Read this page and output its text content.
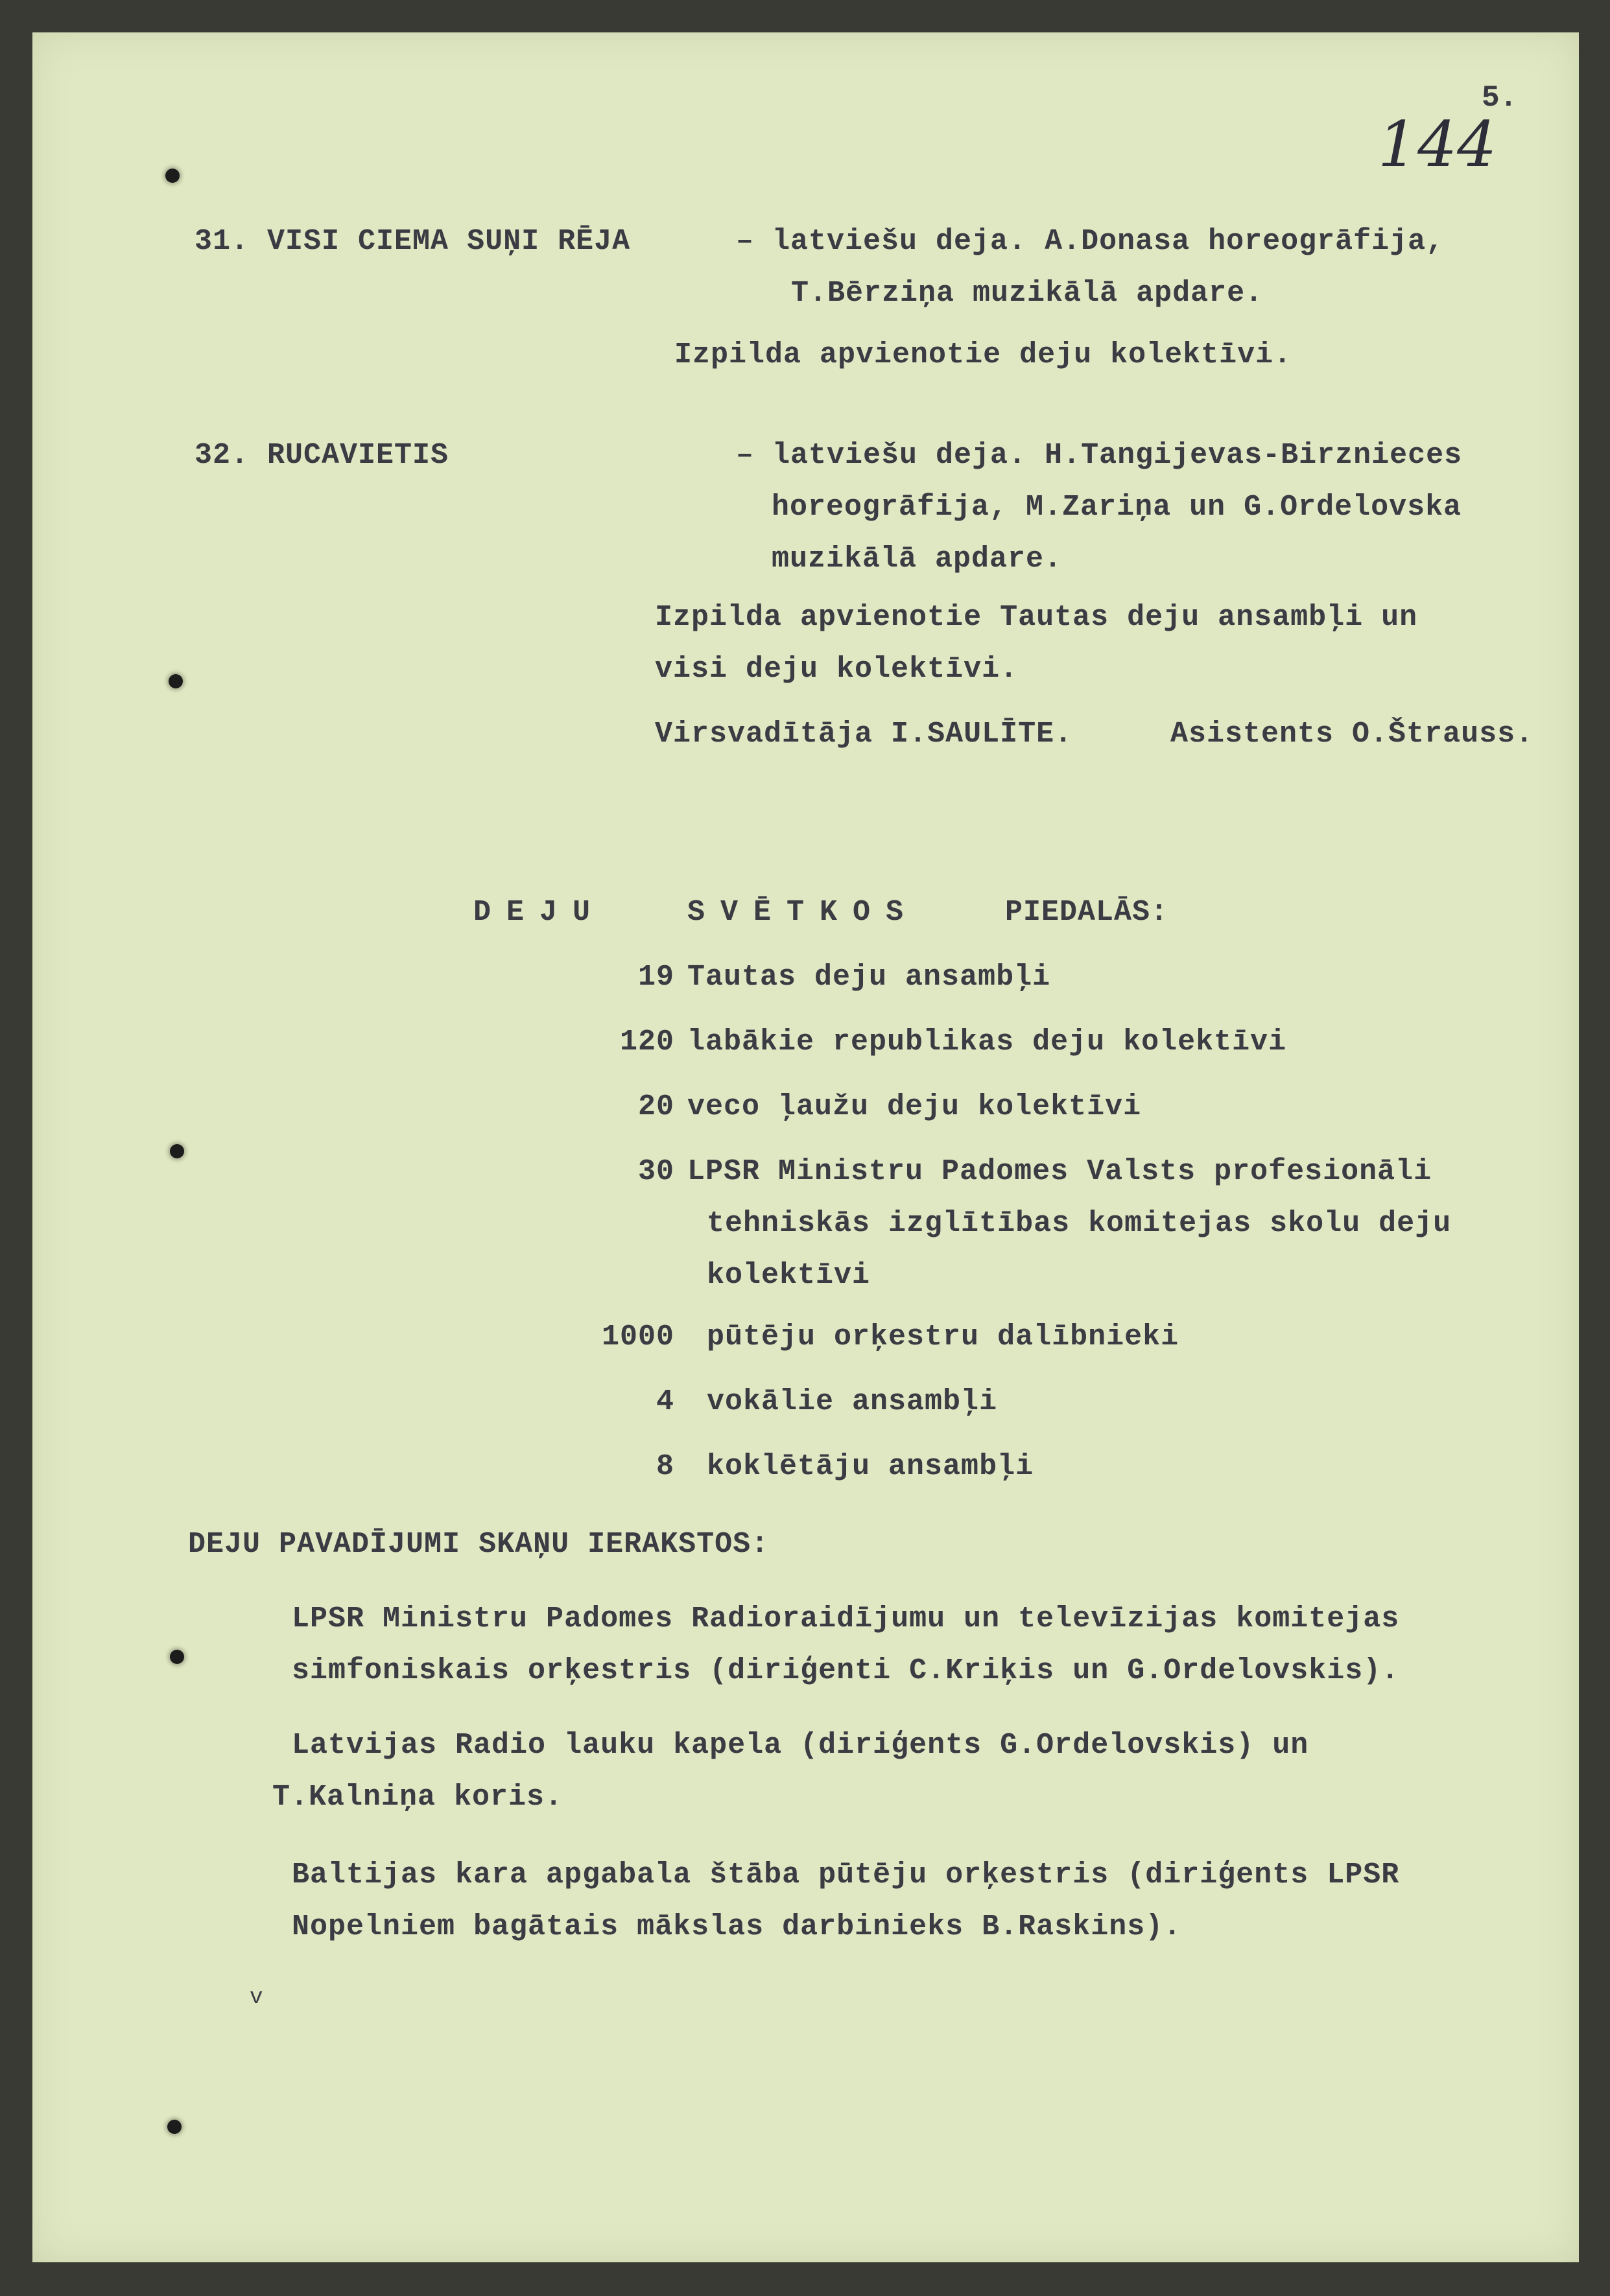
144
5.
31. VISI CIEMA SUŅI RĒJA	– latviešu deja. A.Donasa horeogrāfija,
T.Bērziņa muzikālā apdare.
Izpilda apvienotie deju kolektīvi.
32. RUCAVIETIS	– latviešu deja. H.Tangijevas-Birznieces
horeogrāfija, M.Zariņa un G.Ordelovska
muzikālā apdare.
Izpilda apvienotie Tautas deju ansambļi un
visi deju kolektīvi.
Virsvadītāja I.SAULĪTE.	Asistents O.Štrauss.
DEJU	SVĒTKOS	PIEDALĀS:
19 Tautas deju ansambļi
120 labākie republikas deju kolektīvi
20 veco ļaužu deju kolektīvi
30 LPSR Ministru Padomes Valsts profesionāli
tehniskās izglītības komitejas skolu deju
kolektīvi
1000 pūtēju orķestru dalībnieki
4 vokālie ansambļi
8 koklētāju ansambļi
DEJU PAVADĪJUMI SKAŅU IERAKSTOS:
LPSR Ministru Padomes Radioraidījumu un televīzijas komitejas
simfoniskais orķestris (diriģenti C.Kriķis un G.Ordelovskis).
Latvijas Radio lauku kapela (diriģents G.Ordelovskis) un
T.Kalniņa koris.
Baltijas kara apgabala štāba pūtēju orķestris (diriģents LPSR
Nopelniem bagātais mākslas darbinieks B.Raskins).
v
